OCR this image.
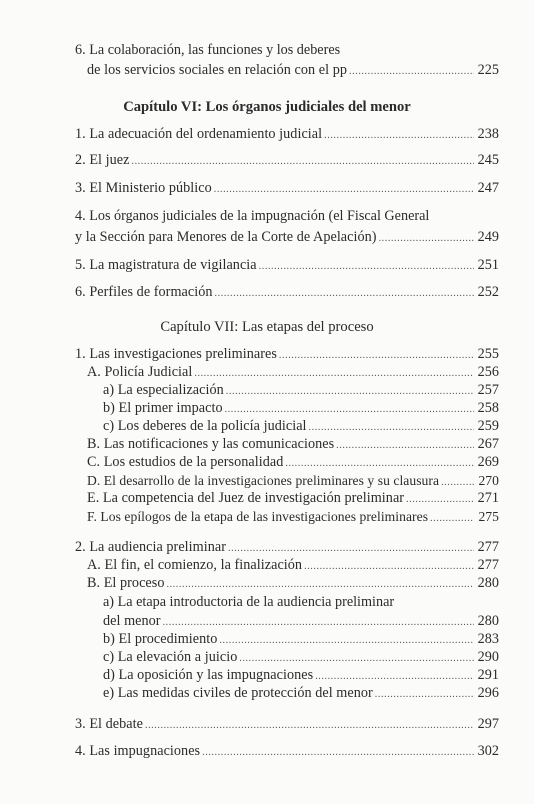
6. La colaboración, las funciones y los deberes
de los servicios sociales en relación con el pp .....	225
Capítulo VI: Los órganos judiciales del menor
1. La adecuación del ordenamiento judicial .....	238
2. El juez .....	245
3. El Ministerio público .....	247
4. Los órganos judiciales de la impugnación (el Fiscal General
y la Sección para Menores de la Corte de Apelación) .....	249
5. La magistratura de vigilancia .....	251
6. Perfiles de formación .....	252
Capítulo VII: Las etapas del proceso
1. Las investigaciones preliminares .....	255
A. Policía Judicial .....	256
a) La especialización .....	257
b) El primer impacto .....	258
c) Los deberes de la policía judicial .....	259
B. Las notificaciones y las comunicaciones .....	267
C. Los estudios de la personalidad .....	269
D. El desarrollo de la investigaciones preliminares y su clausura .....	270
E. La competencia del Juez de investigación preliminar .....	271
F. Los epílogos de la etapa de las investigaciones preliminares .....	275
2. La audiencia preliminar .....	277
A. El fin, el comienzo, la finalización .....	277
B. El proceso .....	280
a) La etapa introductoria de la audiencia preliminar
del menor .....	280
b) El procedimiento .....	283
c) La elevación a juicio .....	290
d) La oposición y las impugnaciones .....	291
e) Las medidas civiles de protección del menor .....	296
3. El debate .....	297
4. Las impugnaciones .....	302
